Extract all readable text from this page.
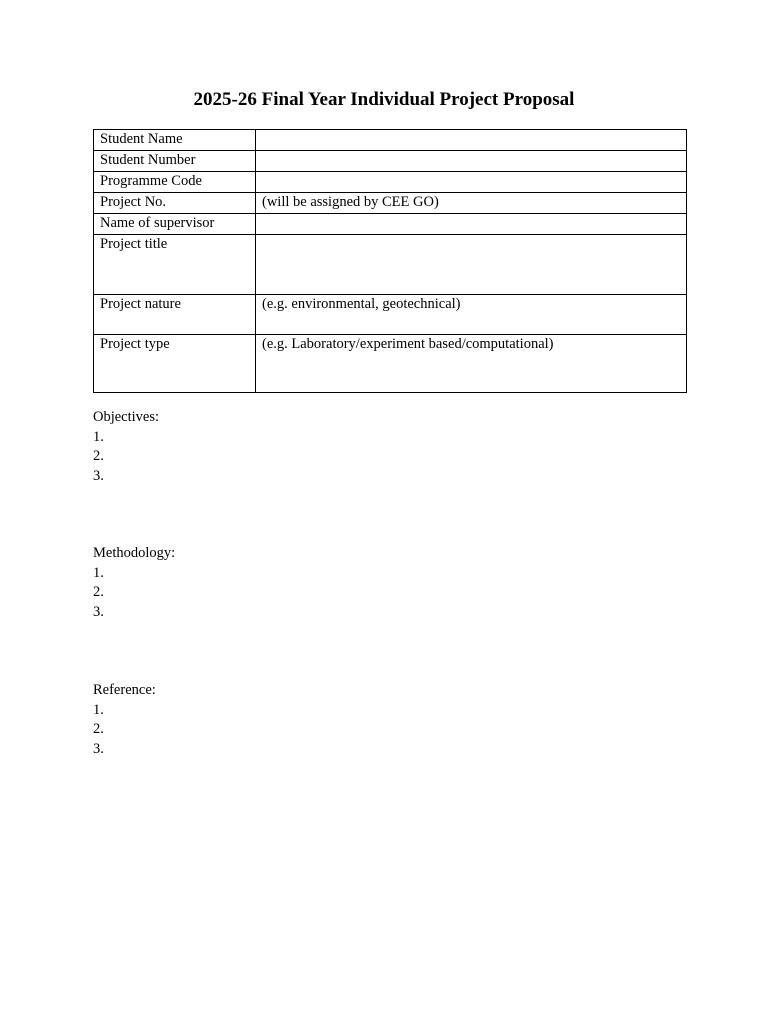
2025-26 Final Year Individual Project Proposal
Student Name	
Student Number	
Programme Code	
Project No.	(will be assigned by CEE GO)
Name of supervisor	
Project title	
Project nature	(e.g. environmental, geotechnical)
Project type	(e.g. Laboratory/experiment based/computational)
Objectives:
1.
2.
3.
Methodology:
1.
2.
3.
Reference:
1.
2.
3.
